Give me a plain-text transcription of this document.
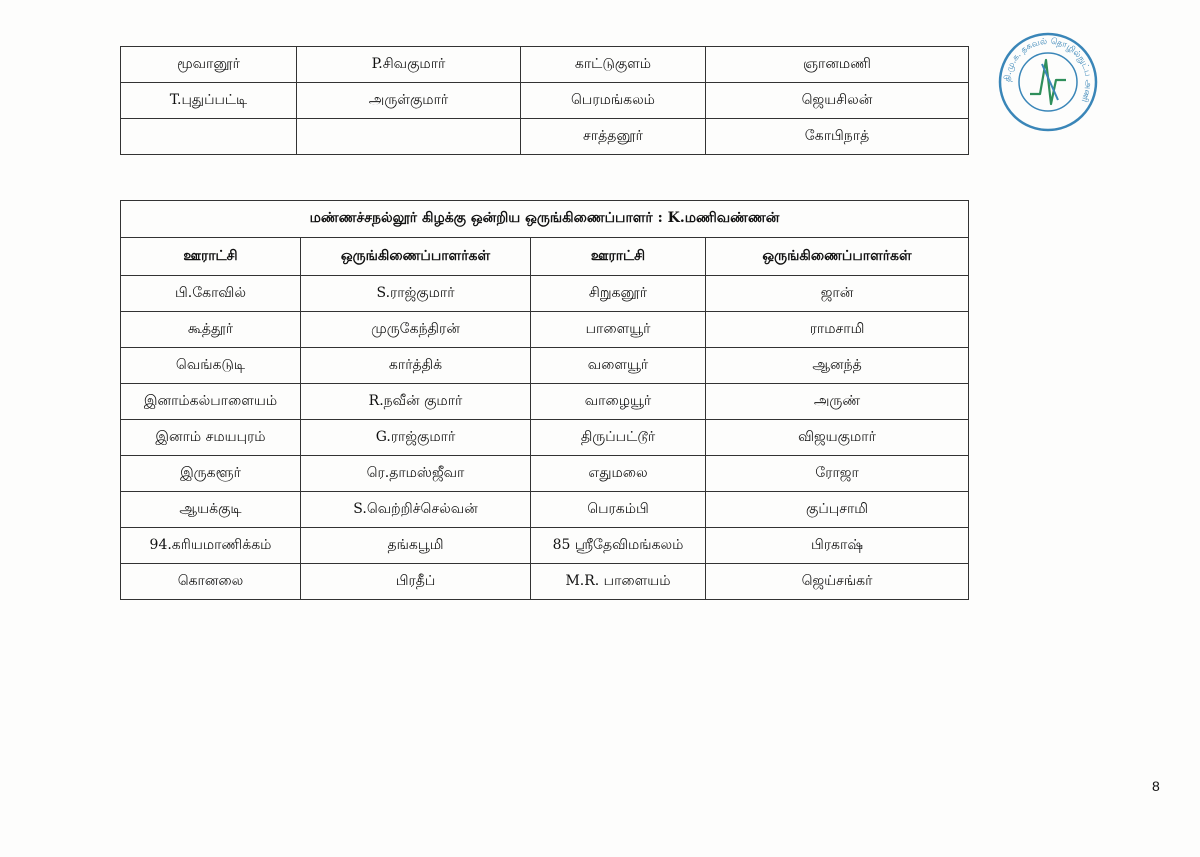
மூவானூர்	P.சிவகுமார்	காட்டுகுளம்	ஞானமணி
T.புதுப்பட்டி	அருள்குமார்	பெரமங்கலம்	ஜெயசிலன்
		சாத்தனூர்	கோபிநாத்
மண்ணச்சநல்லூர் கிழக்கு ஒன்றிய ஒருங்கிணைப்பாளர் : K.மணிவண்ணன்			
ஊராட்சி	ஒருங்கிணைப்பாளர்கள்	ஊராட்சி	ஒருங்கிணைப்பாளர்கள்
பி.கோவில்	S.ராஜ்குமார்	சிறுகனூர்	ஜான்
கூத்தூர்	முருகேந்திரன்	பாளையூர்	ராமசாமி
வெங்கடுடி	கார்த்திக்	வளையூர்	ஆனந்த்
இனாம்கல்பாளையம்	R.நவீன் குமார்	வாழையூர்	அருண்
இனாம் சமயபுரம்	G.ராஜ்குமார்	திருப்பட்டூர்	விஜயகுமார்
இருகளூர்	ரெ.தாமஸ்ஜீவா	எதுமலை	ரோஜா
ஆயக்குடி	S.வெற்றிச்செல்வன்	பெரகம்பி	குப்புசாமி
94.கரியமாணிக்கம்	தங்கபூமி	85 ஸ்ரீதேவிமங்கலம்	பிரகாஷ்
கொனலை	பிரதீப்	M.R. பாளையம்	ஜெய்சங்கர்
தி.மு.க. தகவல் தொழில்நுட்ப அணி
8
